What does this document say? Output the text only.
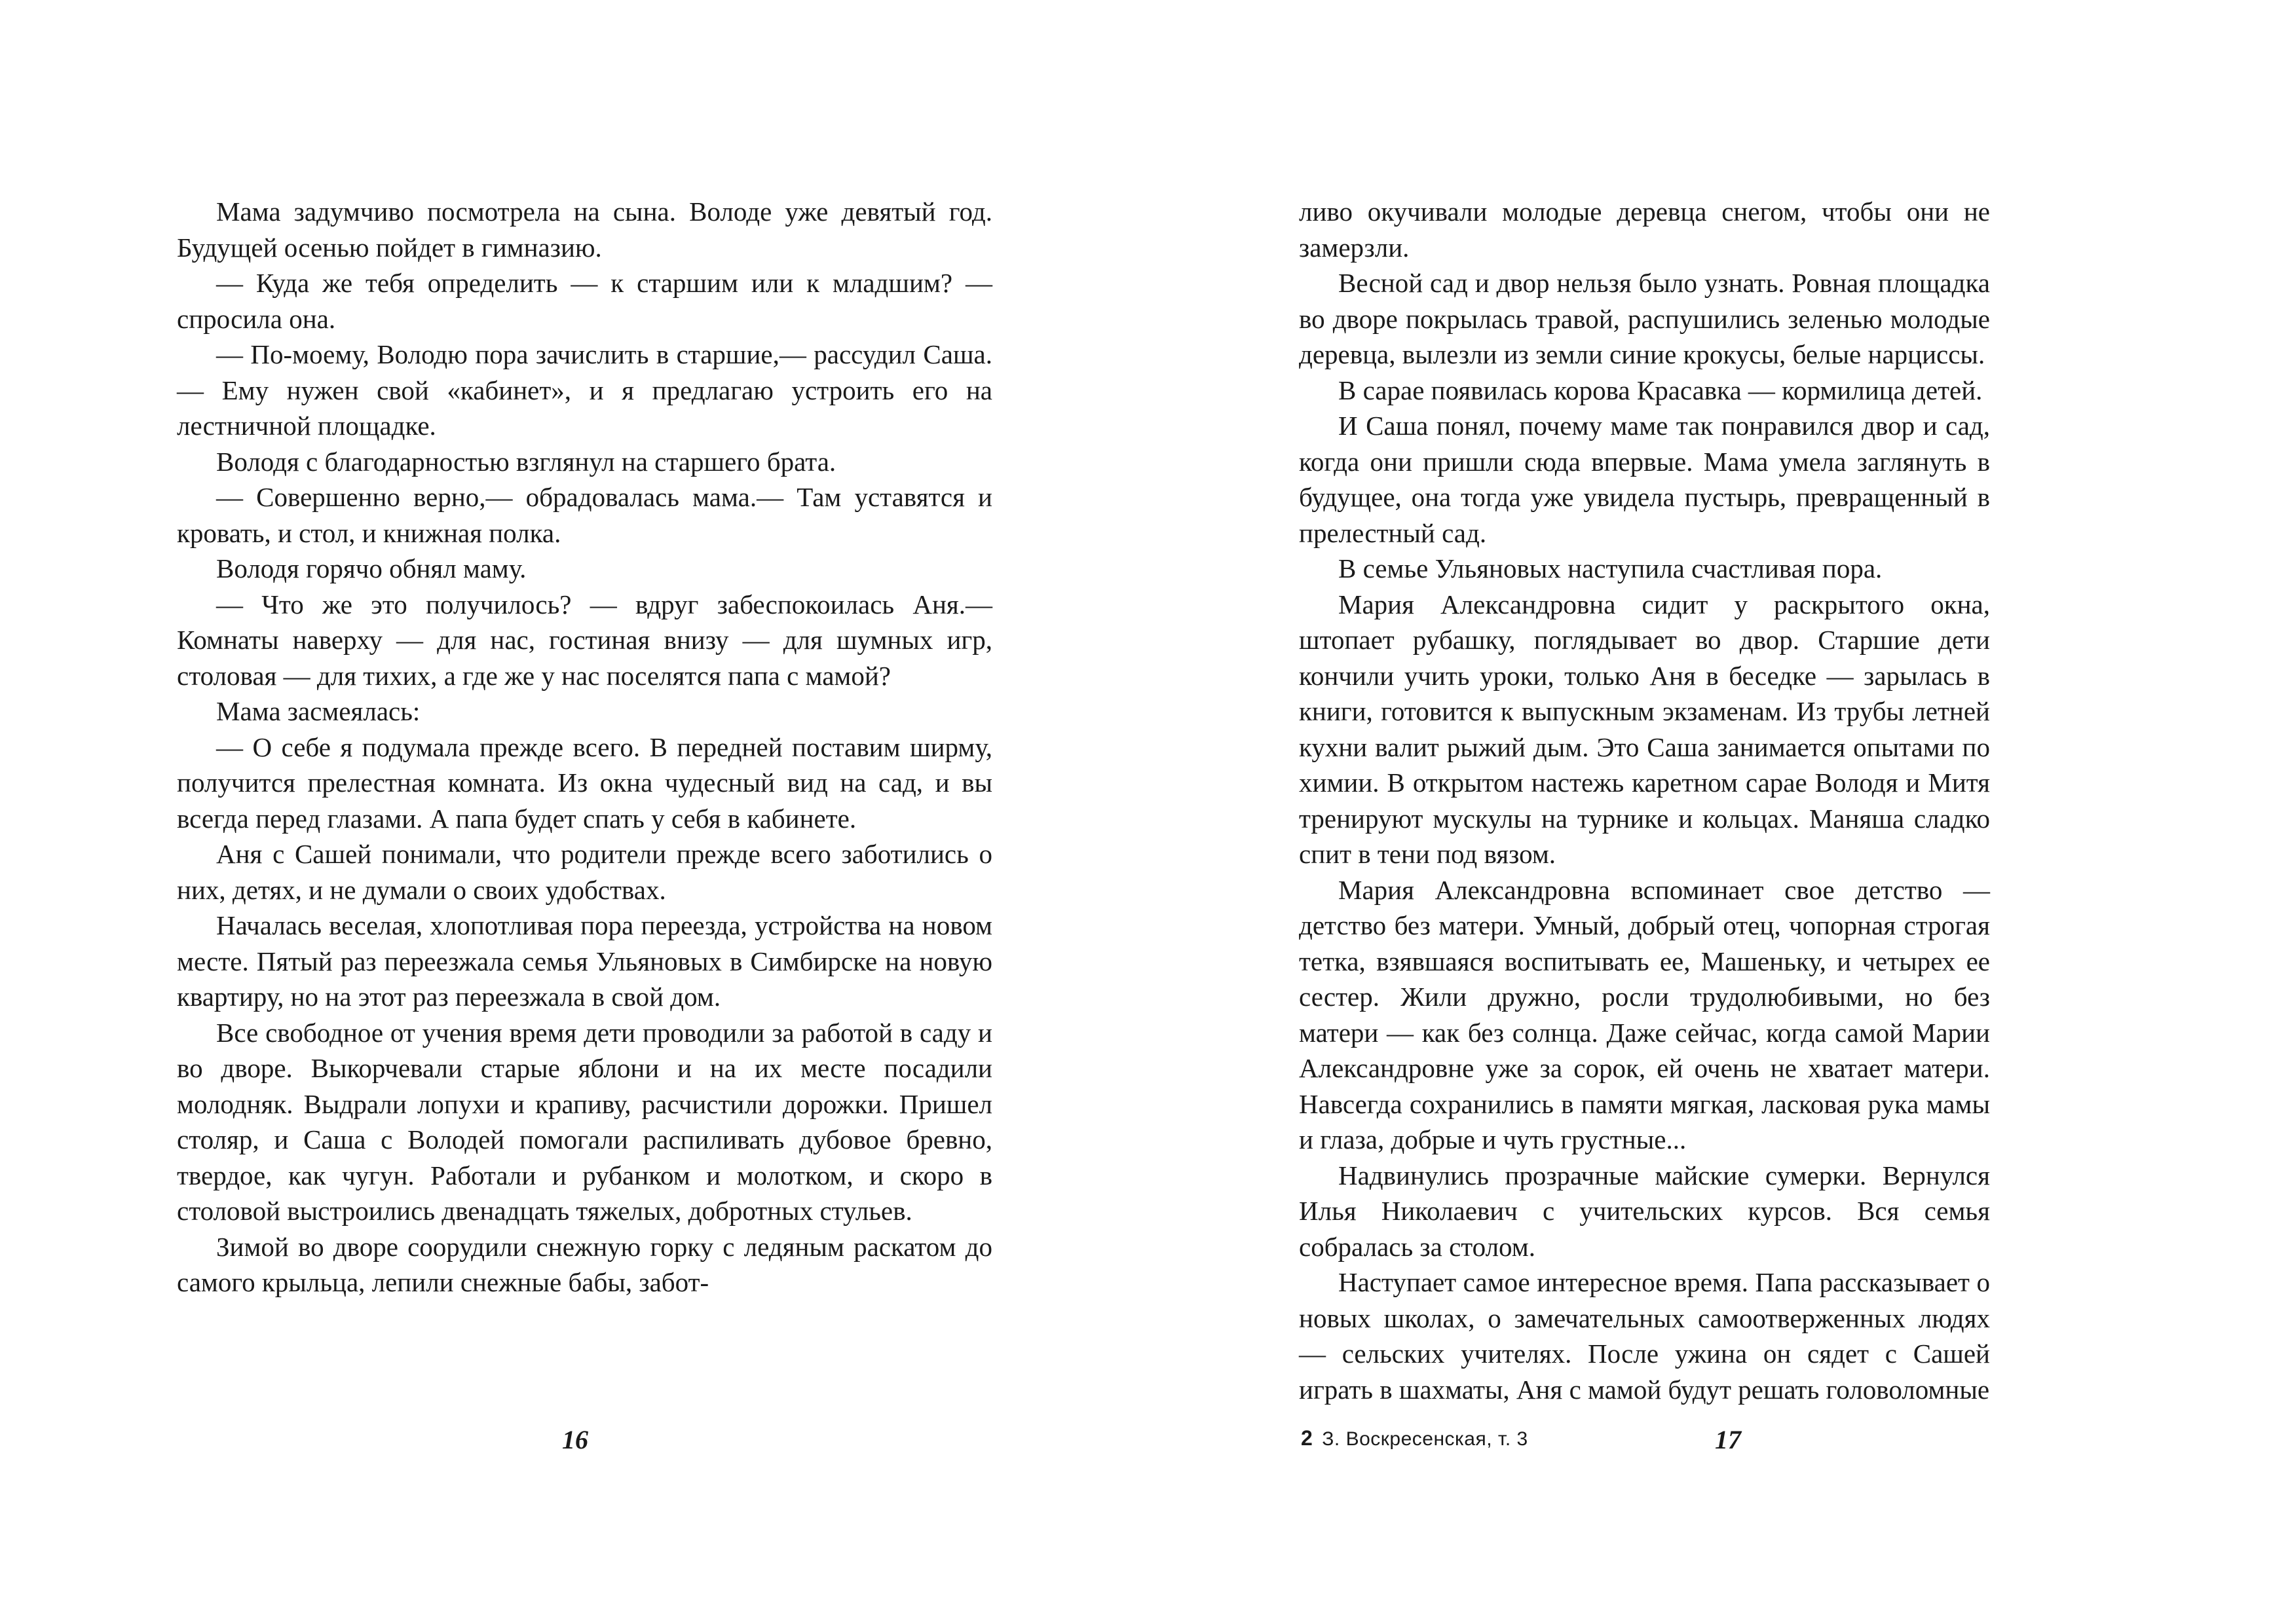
Мама задумчиво посмотрела на сына. Володе уже девятый год. Будущей осенью пойдет в гимназию.

— Куда же тебя определить — к старшим или к младшим? — спросила она.

— По-моему, Володю пора зачислить в старшие,— рассудил Саша.— Ему нужен свой «кабинет», и я предлагаю устроить его на лестничной площадке.

Володя с благодарностью взглянул на старшего брата.

— Совершенно верно,— обрадовалась мама.— Там уставятся и кровать, и стол, и книжная полка.

Володя горячо обнял маму.

— Что же это получилось? — вдруг забеспокоилась Аня.— Комнаты наверху — для нас, гостиная внизу — для шумных игр, столовая — для тихих, а где же у нас поселятся папа с мамой?

Мама засмеялась:

— О себе я подумала прежде всего. В передней поставим ширму, получится прелестная комната. Из окна чудесный вид на сад, и вы всегда перед глазами. А папа будет спать у себя в кабинете.

Аня с Сашей понимали, что родители прежде всего заботились о них, детях, и не думали о своих удобствах.

Началась веселая, хлопотливая пора переезда, устройства на новом месте. Пятый раз переезжала семья Ульяновых в Симбирске на новую квартиру, но на этот раз переезжала в свой дом.

Все свободное от учения время дети проводили за работой в саду и во дворе. Выкорчевали старые яблони и на их месте посадили молодняк. Выдрали лопухи и крапиву, расчистили дорожки. Пришел столяр, и Саша с Володей помогали распиливать дубовое бревно, твердое, как чугун. Работали и рубанком и молотком, и скоро в столовой выстроились двенадцать тяжелых, добротных стульев.

Зимой во дворе соорудили снежную горку с ледяным раскатом до самого крыльца, лепили снежные бабы, забот-

16

ливо окучивали молодые деревца снегом, чтобы они не замерзли.

Весной сад и двор нельзя было узнать. Ровная площадка во дворе покрылась травой, распушились зеленью молодые деревца, вылезли из земли синие крокусы, белые нарциссы.

В сарае появилась корова Красавка — кормилица детей.

И Саша понял, почему маме так понравился двор и сад, когда они пришли сюда впервые. Мама умела заглянуть в будущее, она тогда уже увидела пустырь, превращенный в прелестный сад.

В семье Ульяновых наступила счастливая пора.

Мария Александровна сидит у раскрытого окна, штопает рубашку, поглядывает во двор. Старшие дети кончили учить уроки, только Аня в беседке — зарылась в книги, готовится к выпускным экзаменам. Из трубы летней кухни валит рыжий дым. Это Саша занимается опытами по химии. В открытом настежь каретном сарае Володя и Митя тренируют мускулы на турнике и кольцах. Маняша сладко спит в тени под вязом.

Мария Александровна вспоминает свое детство — детство без матери. Умный, добрый отец, чопорная строгая тетка, взявшаяся воспитывать ее, Машеньку, и четырех ее сестер. Жили дружно, росли трудолюбивыми, но без матери — как без солнца. Даже сейчас, когда самой Марии Александровне уже за сорок, ей очень не хватает матери. Навсегда сохранились в памяти мягкая, ласковая рука мамы и глаза, добрые и чуть грустные...

Надвинулись прозрачные майские сумерки. Вернулся Илья Николаевич с учительских курсов. Вся семья собралась за столом.

Наступает самое интересное время. Папа рассказывает о новых школах, о замечательных самоотверженных людях — сельских учителях. После ужина он сядет с Сашей играть в шахматы, Аня с мамой будут решать головоломные

2 З. Воскресенская, т. 3	17
